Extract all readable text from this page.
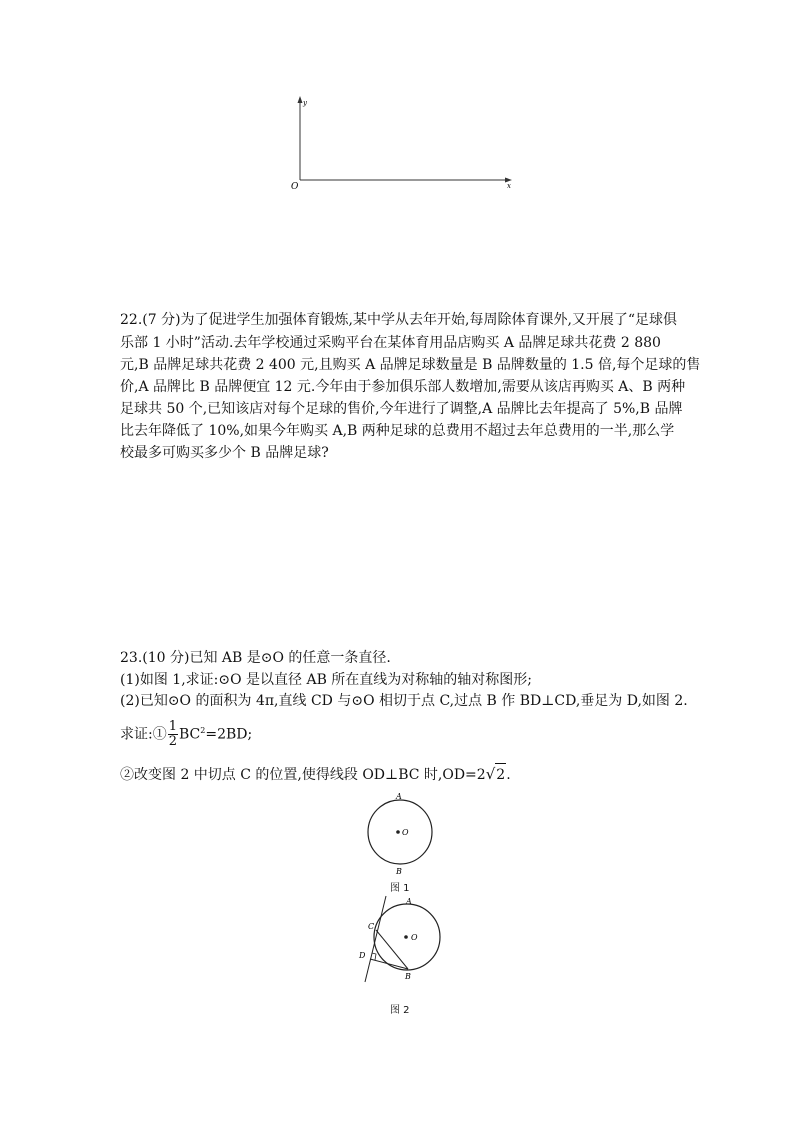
y
O	x
22.(7 分)为了促进学生加强体育锻炼,某中学从去年开始,每周除体育课外,又开展了“足球俱
乐部 1 小时”活动.去年学校通过采购平台在某体育用品店购买 A 品牌足球共花费 2 880
元,B 品牌足球共花费 2 400 元,且购买 A 品牌足球数量是 B 品牌数量的 1.5 倍,每个足球的售
价,A 品牌比 B 品牌便宜 12 元.今年由于参加俱乐部人数增加,需要从该店再购买 A、B 两种
足球共 50 个,已知该店对每个足球的售价,今年进行了调整,A 品牌比去年提高了 5%,B 品牌
比去年降低了 10%,如果今年购买 A,B 两种足球的总费用不超过去年总费用的一半,那么学
校最多可购买多少个 B 品牌足球?
23.(10 分)已知 AB 是⊙O 的任意一条直径.
(1)如图 1,求证:⊙O 是以直径 AB 所在直线为对称轴的轴对称图形;
(2)已知⊙O 的面积为 4π,直线 CD 与⊙O 相切于点 C,过点 B 作 BD⊥CD,垂足为 D,如图 2.
求证:① $\frac{1}{2} BC^2=2BD$;
②改变图 2 中切点 C 的位置,使得线段 OD⊥BC 时,OD=2√2.
A
O
B
图 1
A
C
O
D
B
图 2
